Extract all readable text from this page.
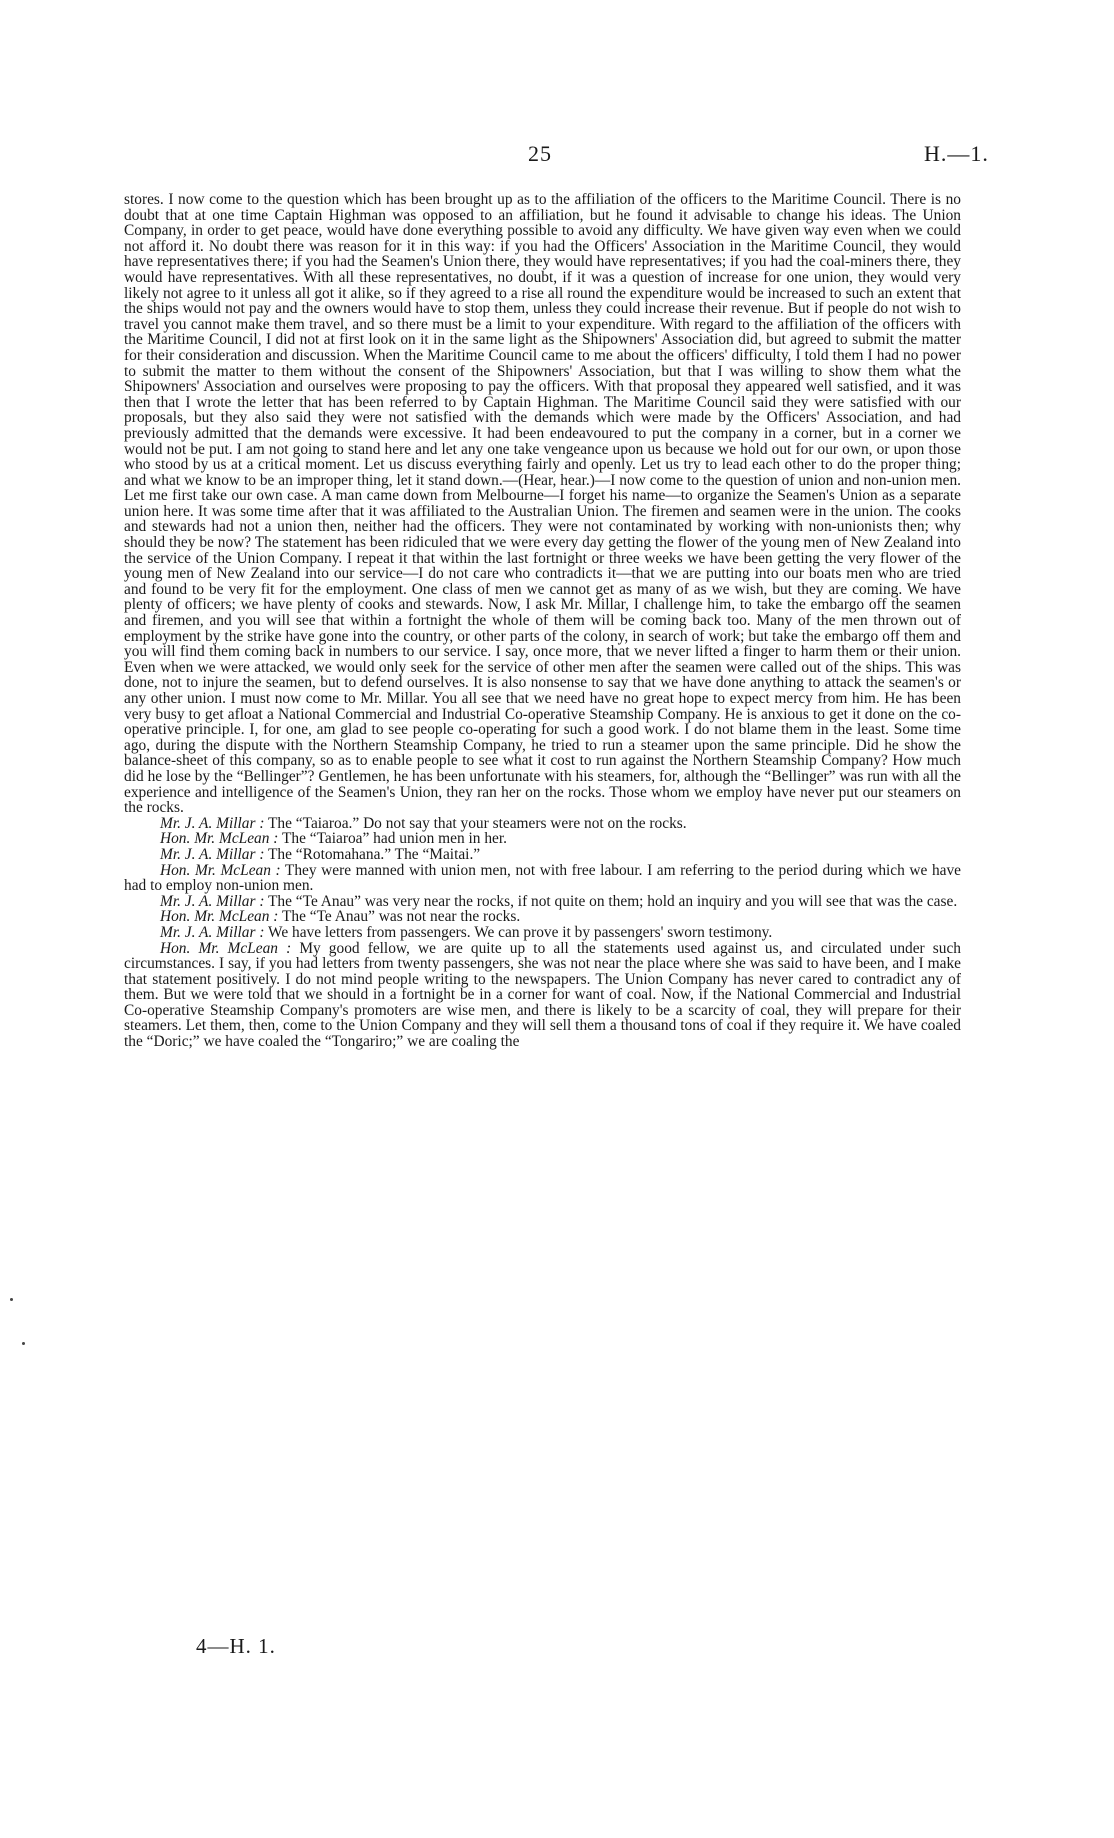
25	H.—1.

stores. I now come to the question which has been brought up as to the affiliation of the officers to the Maritime Council. There is no doubt that at one time Captain Highman was opposed to an affiliation, but he found it advisable to change his ideas. The Union Company, in order to get peace, would have done everything possible to avoid any difficulty. We have given way even when we could not afford it. No doubt there was reason for it in this way: if you had the Officers' Association in the Maritime Council, they would have representatives there; if you had the Seamen's Union there, they would have representatives; if you had the coal-miners there, they would have representatives. With all these representatives, no doubt, if it was a question of increase for one union, they would very likely not agree to it unless all got it alike, so if they agreed to a rise all round the expenditure would be increased to such an extent that the ships would not pay and the owners would have to stop them, unless they could increase their revenue. But if people do not wish to travel you cannot make them travel, and so there must be a limit to your expenditure. With regard to the affiliation of the officers with the Maritime Council, I did not at first look on it in the same light as the Shipowners' Association did, but agreed to submit the matter for their consideration and discussion. When the Maritime Council came to me about the officers' difficulty, I told them I had no power to submit the matter to them without the consent of the Shipowners' Association, but that I was willing to show them what the Shipowners' Association and ourselves were proposing to pay the officers. With that proposal they appeared well satisfied, and it was then that I wrote the letter that has been referred to by Captain Highman. The Maritime Council said they were satisfied with our proposals, but they also said they were not satisfied with the demands which were made by the Officers' Association, and had previously admitted that the demands were excessive. It had been endeavoured to put the company in a corner, but in a corner we would not be put. I am not going to stand here and let any one take vengeance upon us because we hold out for our own, or upon those who stood by us at a critical moment. Let us discuss everything fairly and openly. Let us try to lead each other to do the proper thing; and what we know to be an improper thing, let it stand down.—(Hear, hear.)—I now come to the question of union and non-union men. Let me first take our own case. A man came down from Melbourne—I forget his name—to organize the Seamen's Union as a separate union here. It was some time after that it was affiliated to the Australian Union. The firemen and seamen were in the union. The cooks and stewards had not a union then, neither had the officers. They were not contaminated by working with non-unionists then; why should they be now? The statement has been ridiculed that we were every day getting the flower of the young men of New Zealand into the service of the Union Company. I repeat it that within the last fortnight or three weeks we have been getting the very flower of the young men of New Zealand into our service—I do not care who contradicts it—that we are putting into our boats men who are tried and found to be very fit for the employment. One class of men we cannot get as many of as we wish, but they are coming. We have plenty of officers; we have plenty of cooks and stewards. Now, I ask Mr. Millar, I challenge him, to take the embargo off the seamen and firemen, and you will see that within a fortnight the whole of them will be coming back too. Many of the men thrown out of employment by the strike have gone into the country, or other parts of the colony, in search of work; but take the embargo off them and you will find them coming back in numbers to our service. I say, once more, that we never lifted a finger to harm them or their union. Even when we were attacked, we would only seek for the service of other men after the seamen were called out of the ships. This was done, not to injure the seamen, but to defend ourselves. It is also nonsense to say that we have done anything to attack the seamen's or any other union. I must now come to Mr. Millar. You all see that we need have no great hope to expect mercy from him. He has been very busy to get afloat a National Commercial and Industrial Co-operative Steamship Company. He is anxious to get it done on the co-operative principle. I, for one, am glad to see people co-operating for such a good work. I do not blame them in the least. Some time ago, during the dispute with the Northern Steamship Company, he tried to run a steamer upon the same principle. Did he show the balance-sheet of this company, so as to enable people to see what it cost to run against the Northern Steamship Company? How much did he lose by the “Bellinger”? Gentlemen, he has been unfortunate with his steamers, for, although the “Bellinger” was run with all the experience and intelligence of the Seamen's Union, they ran her on the rocks. Those whom we employ have never put our steamers on the rocks.

Mr. J. A. Millar : The “Taiaroa.” Do not say that your steamers were not on the rocks.

Hon. Mr. McLean : The “Taiaroa” had union men in her.

Mr. J. A. Millar : The “Rotomahana.” The “Maitai.”

Hon. Mr. McLean : They were manned with union men, not with free labour. I am referring to the period during which we have had to employ non-union men.

Mr. J. A. Millar : The “Te Anau” was very near the rocks, if not quite on them; hold an inquiry and you will see that was the case.

Hon. Mr. McLean : The “Te Anau” was not near the rocks.

Mr. J. A. Millar : We have letters from passengers. We can prove it by passengers' sworn testimony.

Hon. Mr. McLean : My good fellow, we are quite up to all the statements used against us, and circulated under such circumstances. I say, if you had letters from twenty passengers, she was not near the place where she was said to have been, and I make that statement positively. I do not mind people writing to the newspapers. The Union Company has never cared to contradict any of them. But we were told that we should in a fortnight be in a corner for want of coal. Now, if the National Commercial and Industrial Co-operative Steamship Company's promoters are wise men, and there is likely to be a scarcity of coal, they will prepare for their steamers. Let them, then, come to the Union Company and they will sell them a thousand tons of coal if they require it. We have coaled the “Doric;” we have coaled the “Tongariro;” we are coaling the

4—H. 1.
